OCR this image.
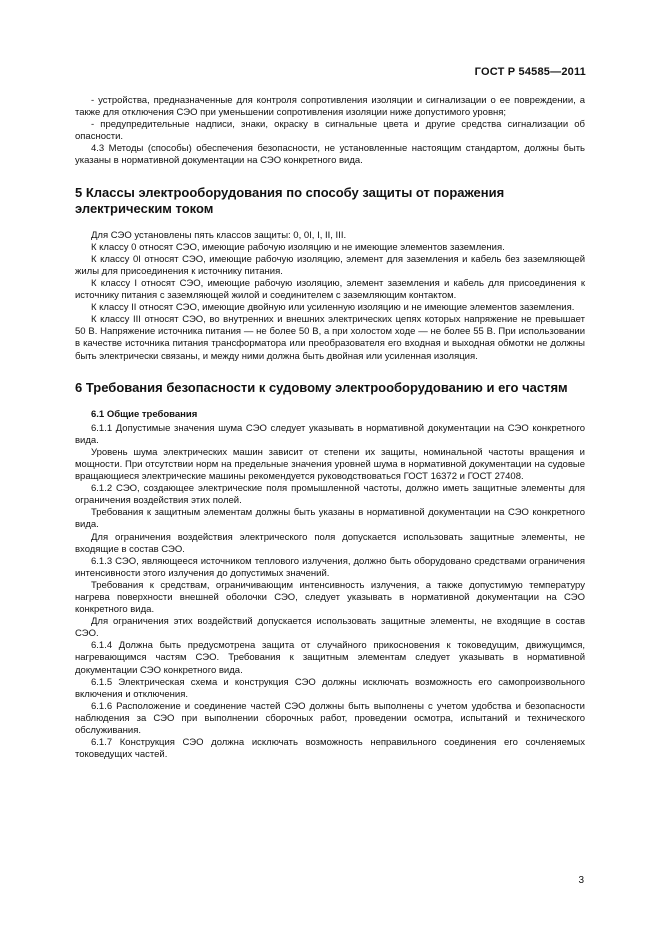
ГОСТ Р 54585—2011

- устройства, предназначенные для контроля сопротивления изоляции и сигнализации о ее повреждении, а также для отключения СЭО при уменьшении сопротивления изоляции ниже допустимого уровня;

- предупредительные надписи, знаки, окраску в сигнальные цвета и другие средства сигнализации об опасности.

4.3 Методы (способы) обеспечения безопасности, не установленные настоящим стандартом, должны быть указаны в нормативной документации на СЭО конкретного вида.

5 Классы электрооборудования по способу защиты от поражения электрическим током

Для СЭО установлены пять классов защиты: 0, 0I, I, II, III.

К классу 0 относят СЭО, имеющие рабочую изоляцию и не имеющие элементов заземления.

К классу 0I относят СЭО, имеющие рабочую изоляцию, элемент для заземления и кабель без заземляющей жилы для присоединения к источнику питания.

К классу I относят СЭО, имеющие рабочую изоляцию, элемент заземления и кабель для присоединения к источнику питания с заземляющей жилой и соединителем с заземляющим контактом.

К классу II относят СЭО, имеющие двойную или усиленную изоляцию и не имеющие элементов заземления.

К классу III относят СЭО, во внутренних и внешних электрических цепях которых напряжение не превышает 50 В. Напряжение источника питания — не более 50 В, а при холостом ходе — не более 55 В. При использовании в качестве источника питания трансформатора или преобразователя его входная и выходная обмотки не должны быть электрически связаны, и между ними должна быть двойная или усиленная изоляция.

6 Требования безопасности к судовому электрооборудованию и его частям
6.1 Общие требования

6.1.1 Допустимые значения шума СЭО следует указывать в нормативной документации на СЭО конкретного вида.

Уровень шума электрических машин зависит от степени их защиты, номинальной частоты вращения и мощности. При отсутствии норм на предельные значения уровней шума в нормативной документации на судовые вращающиеся электрические машины рекомендуется руководствоваться ГОСТ 16372 и ГОСТ 27408.

6.1.2 СЭО, создающее электрические поля промышленной частоты, должно иметь защитные элементы для ограничения воздействия этих полей.

Требования к защитным элементам должны быть указаны в нормативной документации на СЭО конкретного вида.

Для ограничения воздействия электрического поля допускается использовать защитные элементы, не входящие в состав СЭО.

6.1.3 СЭО, являющееся источником теплового излучения, должно быть оборудовано средствами ограничения интенсивности этого излучения до допустимых значений.

Требования к средствам, ограничивающим интенсивность излучения, а также допустимую температуру нагрева поверхности внешней оболочки СЭО, следует указывать в нормативной документации на СЭО конкретного вида.

Для ограничения этих воздействий допускается использовать защитные элементы, не входящие в состав СЭО.

6.1.4 Должна быть предусмотрена защита от случайного прикосновения к токоведущим, движущимся, нагревающимся частям СЭО. Требования к защитным элементам следует указывать в нормативной документации СЭО конкретного вида.

6.1.5 Электрическая схема и конструкция СЭО должны исключать возможность его самопроизвольного включения и отключения.

6.1.6 Расположение и соединение частей СЭО должны быть выполнены с учетом удобства и безопасности наблюдения за СЭО при выполнении сборочных работ, проведении осмотра, испытаний и технического обслуживания.

6.1.7 Конструкция СЭО должна исключать возможность неправильного соединения его сочленяемых токоведущих частей.

3
